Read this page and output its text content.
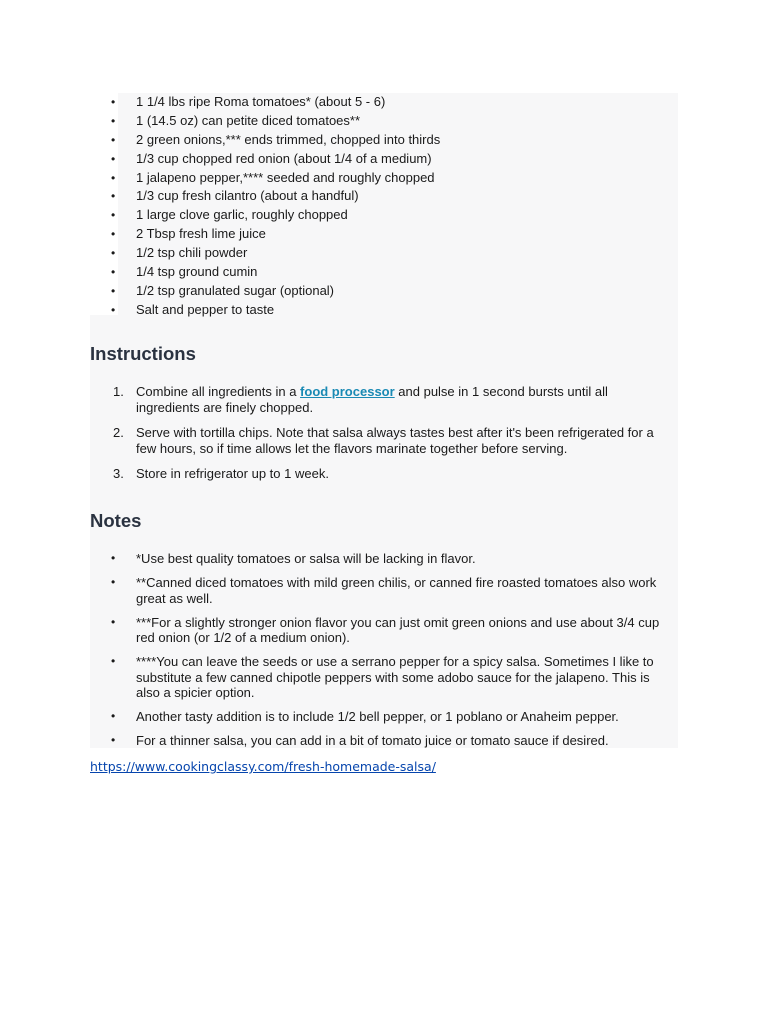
• 1 1/4 lbs ripe Roma tomatoes* (about 5 - 6)
• 1 (14.5 oz) can petite diced tomatoes**
• 2 green onions,*** ends trimmed, chopped into thirds
• 1/3 cup chopped red onion (about 1/4 of a medium)
• 1 jalapeno pepper,**** seeded and roughly chopped
• 1/3 cup fresh cilantro (about a handful)
• 1 large clove garlic, roughly chopped
• 2 Tbsp fresh lime juice
• 1/2 tsp chili powder
• 1/4 tsp ground cumin
• 1/2 tsp granulated sugar (optional)
• Salt and pepper to taste
Instructions
1. Combine all ingredients in a food processor and pulse in 1 second bursts until all ingredients are finely chopped.
2. Serve with tortilla chips. Note that salsa always tastes best after it's been refrigerated for a few hours, so if time allows let the flavors marinate together before serving.
3. Store in refrigerator up to 1 week.
Notes
• *Use best quality tomatoes or salsa will be lacking in flavor.
• **Canned diced tomatoes with mild green chilis, or canned fire roasted tomatoes also work great as well.
• ***For a slightly stronger onion flavor you can just omit green onions and use about 3/4 cup red onion (or 1/2 of a medium onion).
• ****You can leave the seeds or use a serrano pepper for a spicy salsa. Sometimes I like to substitute a few canned chipotle peppers with some adobo sauce for the jalapeno. This is also a spicier option.
• Another tasty addition is to include 1/2 bell pepper, or 1 poblano or Anaheim pepper.
• For a thinner salsa, you can add in a bit of tomato juice or tomato sauce if desired.
https://www.cookingclassy.com/fresh-homemade-salsa/
